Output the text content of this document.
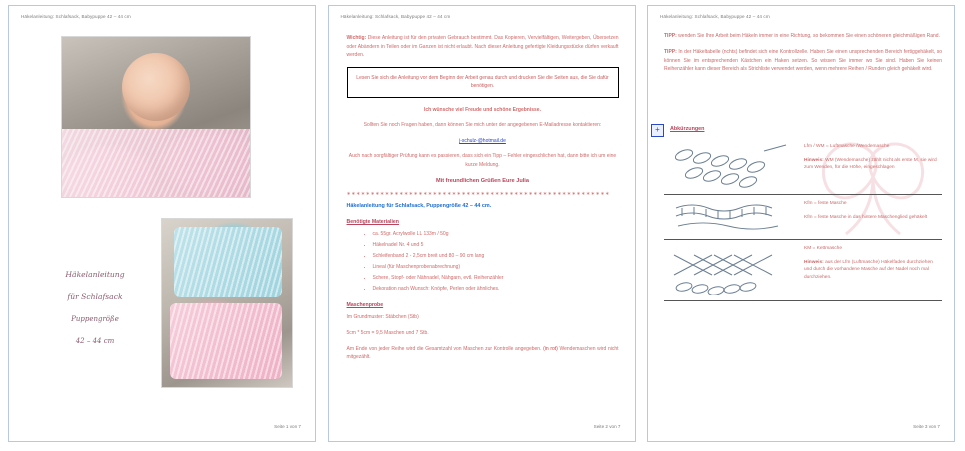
Häkelanleitung: Schlafsack, Babypuppe 42 – 44 cm
Häkelanleitung
für Schlafsack
Puppengröße
42 – 44 cm
Seite 1 von 7
Häkelanleitung: Schlafsack, Babypuppe 42 – 44 cm

Wichtig: Diese Anleitung ist für den privaten Gebrauch bestimmt. Das Kopieren, Vervielfältigen, Weitergeben, Übersetzen oder Abändern in Teilen oder im Ganzen ist nicht erlaubt. Nach dieser Anleitung gefertigte Kleidungsstücke dürfen verkauft werden.

Lesen Sie sich die Anleitung vor dem Beginn der Arbeit genau durch und drucken Sie die Seiten aus, die Sie dafür benötigen.

Ich wünsche viel Freude und schöne Ergebnisse.

Sollten Sie noch Fragen haben, dann können Sie mich unter der angegebenen E-Mailadresse kontaktieren:

j-schulz-@hotmail.de

Auch nach sorgfältiger Prüfung kann es passieren, dass sich ein Tipp – Fehler eingeschlichen hat, dann bitte ich um eine kurze Meldung.

Mit freundlichen Grüßen Eure Julia
∗∗∗∗∗∗∗∗∗∗∗∗∗∗∗∗∗∗∗∗∗∗∗∗∗∗∗∗∗∗∗∗∗∗∗∗∗∗∗∗∗∗∗∗∗∗∗∗∗∗∗∗∗∗∗
Häkelanleitung für Schlafsack, Puppengröße 42 – 44 cm.
Benötigte Materialien
• ca. 55gr. Acrylwolle LL 133m / 50g
• Häkelnadel Nr. 4 und 5
• Schleifenband 2 - 2,5cm breit und 80 – 90 cm lang
• Lineal (für Maschenprobenabrechnung)
• Schere, Stopf- oder Nähnadel, Nähgarn, evtl. Reihenzähler
• Dekoration nach Wunsch: Knöpfe, Perlen oder ähnliches.
Maschenprobe

Im Grundmuster: Stäbchen (Stb)

5cm * 5cm = 9,5 Maschen und 7 Stb.

Am Ende von jeder Reihe wird die Gesamtzahl von Maschen zur Kontrolle angegeben. (in rot) Wendemaschen wird nicht mitgezählt.

Seite 2 von 7
Häkelanleitung: Schlafsack, Babypuppe 42 – 44 cm

TIPP: wenden Sie Ihre Arbeit beim Häkeln immer in eine Richtung, so bekommen Sie einen schöneren gleichmäßigen Rand.

TIPP: In der Häkeltabelle (nchts) befindet sich eine Kontrollzelle. Haben Sie einen unsprechenden Bereich fertiggehäkelt, so können Sie im entsprechenden Kästchen ein Haken setzen. So wissen Sie immer wo Sie sind. Haben Sie keinen Reihenzähler kann dieser Bereich als Strichliste verwendet werden, wenn mehrere Reihen / Runden gleich gehäkelt wird.

+	Abkürzungen

Lfm / WM = Luftmasche /Wendemasche
Hinweis: WM (Wendemasche) zählt nicht als erste M, sie wird zum Wenden, für die Höhe, eingeschlagen

Kfm = feste Masche
Kfm = feste Masche in das hintere Maschenglied gehäkelt

KM = Kettmasche
Hinweis: aus der Lfm (Luftmasche) Häkelfaden durchziehen und durch die vorhandene Masche auf der Nadel noch mal durchziehen.
Seite 3 von 7
